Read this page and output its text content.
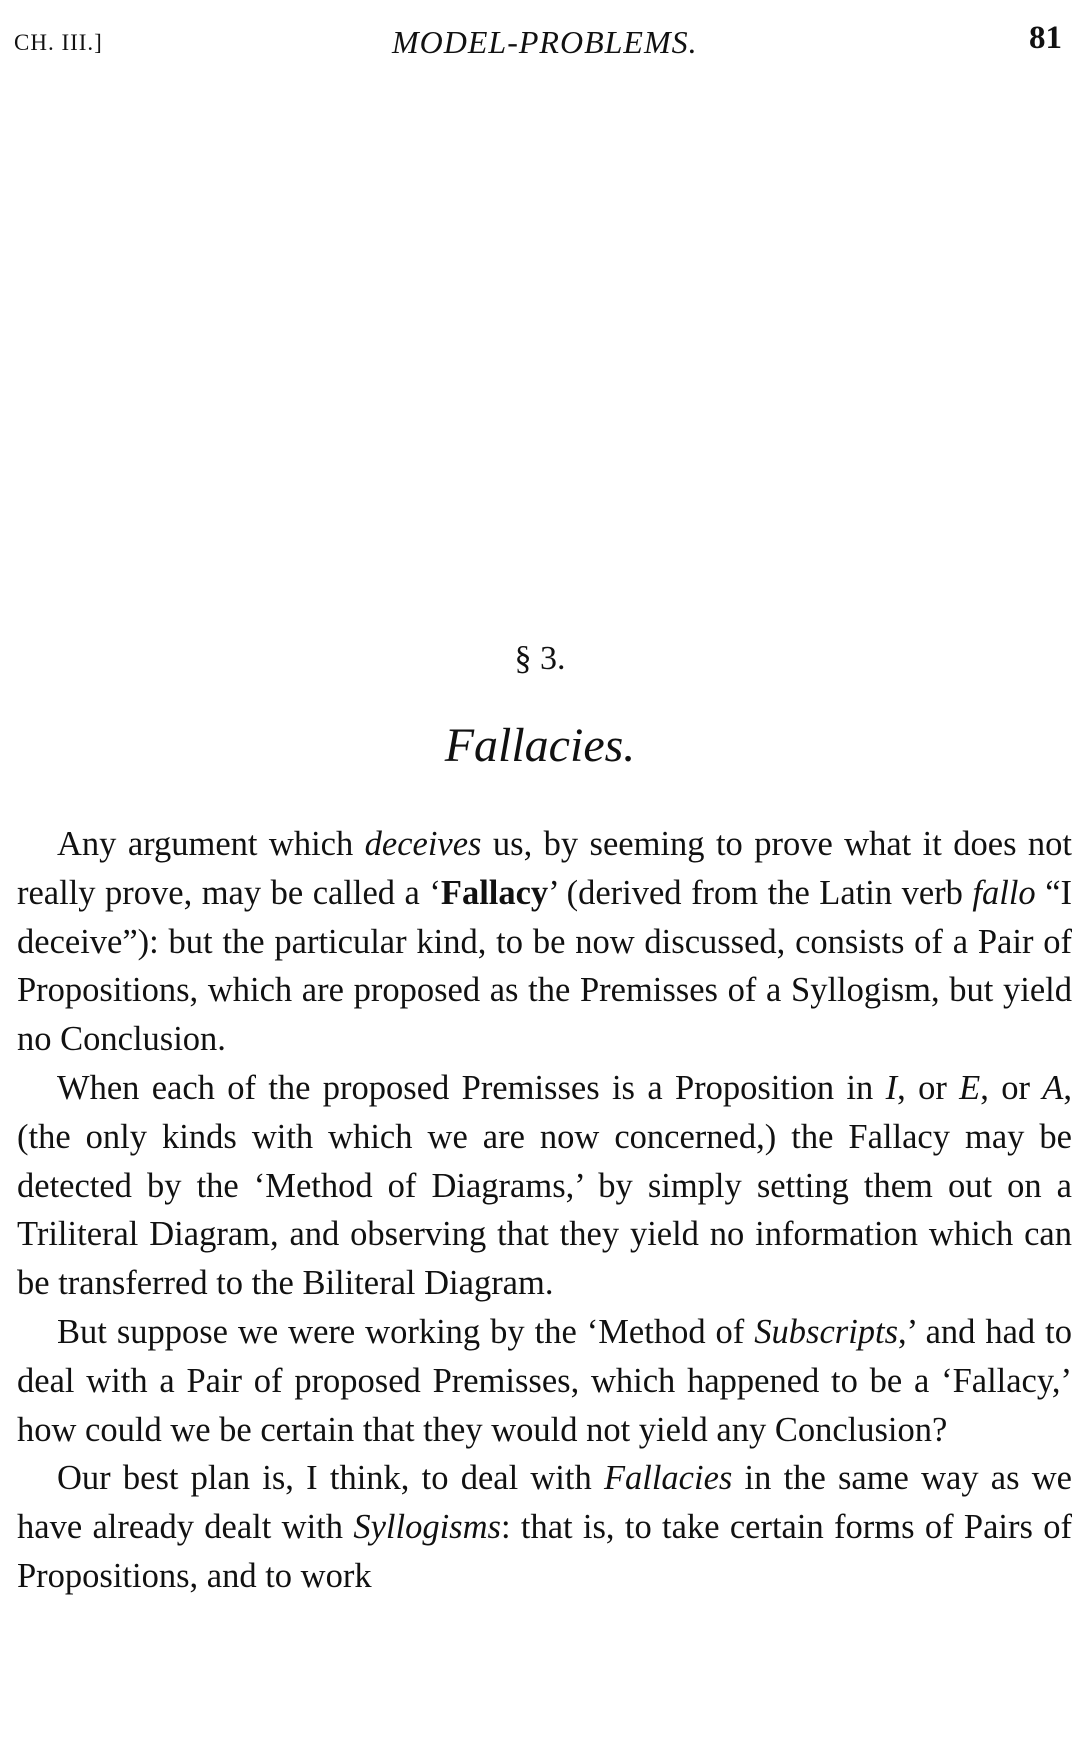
CH. III.]	MODEL-PROBLEMS.	81
§ 3.
Fallacies.

Any argument which deceives us, by seeming to prove what it does not really prove, may be called a ‘Fallacy’ (derived from the Latin verb fallo “I deceive”): but the particular kind, to be now discussed, consists of a Pair of Propositions, which are proposed as the Premisses of a Syllogism, but yield no Conclusion.

When each of the proposed Premisses is a Proposition in I, or E, or A, (the only kinds with which we are now concerned,) the Fallacy may be detected by the ‘Method of Diagrams,’ by simply setting them out on a Triliteral Diagram, and observing that they yield no information which can be transferred to the Biliteral Diagram.

But suppose we were working by the ‘Method of Subscripts,’ and had to deal with a Pair of proposed Premisses, which happened to be a ‘Fallacy,’ how could we be certain that they would not yield any Conclusion?

Our best plan is, I think, to deal with Fallacies in the same way as we have already dealt with Syllogisms: that is, to take certain forms of Pairs of Propositions, and to work
